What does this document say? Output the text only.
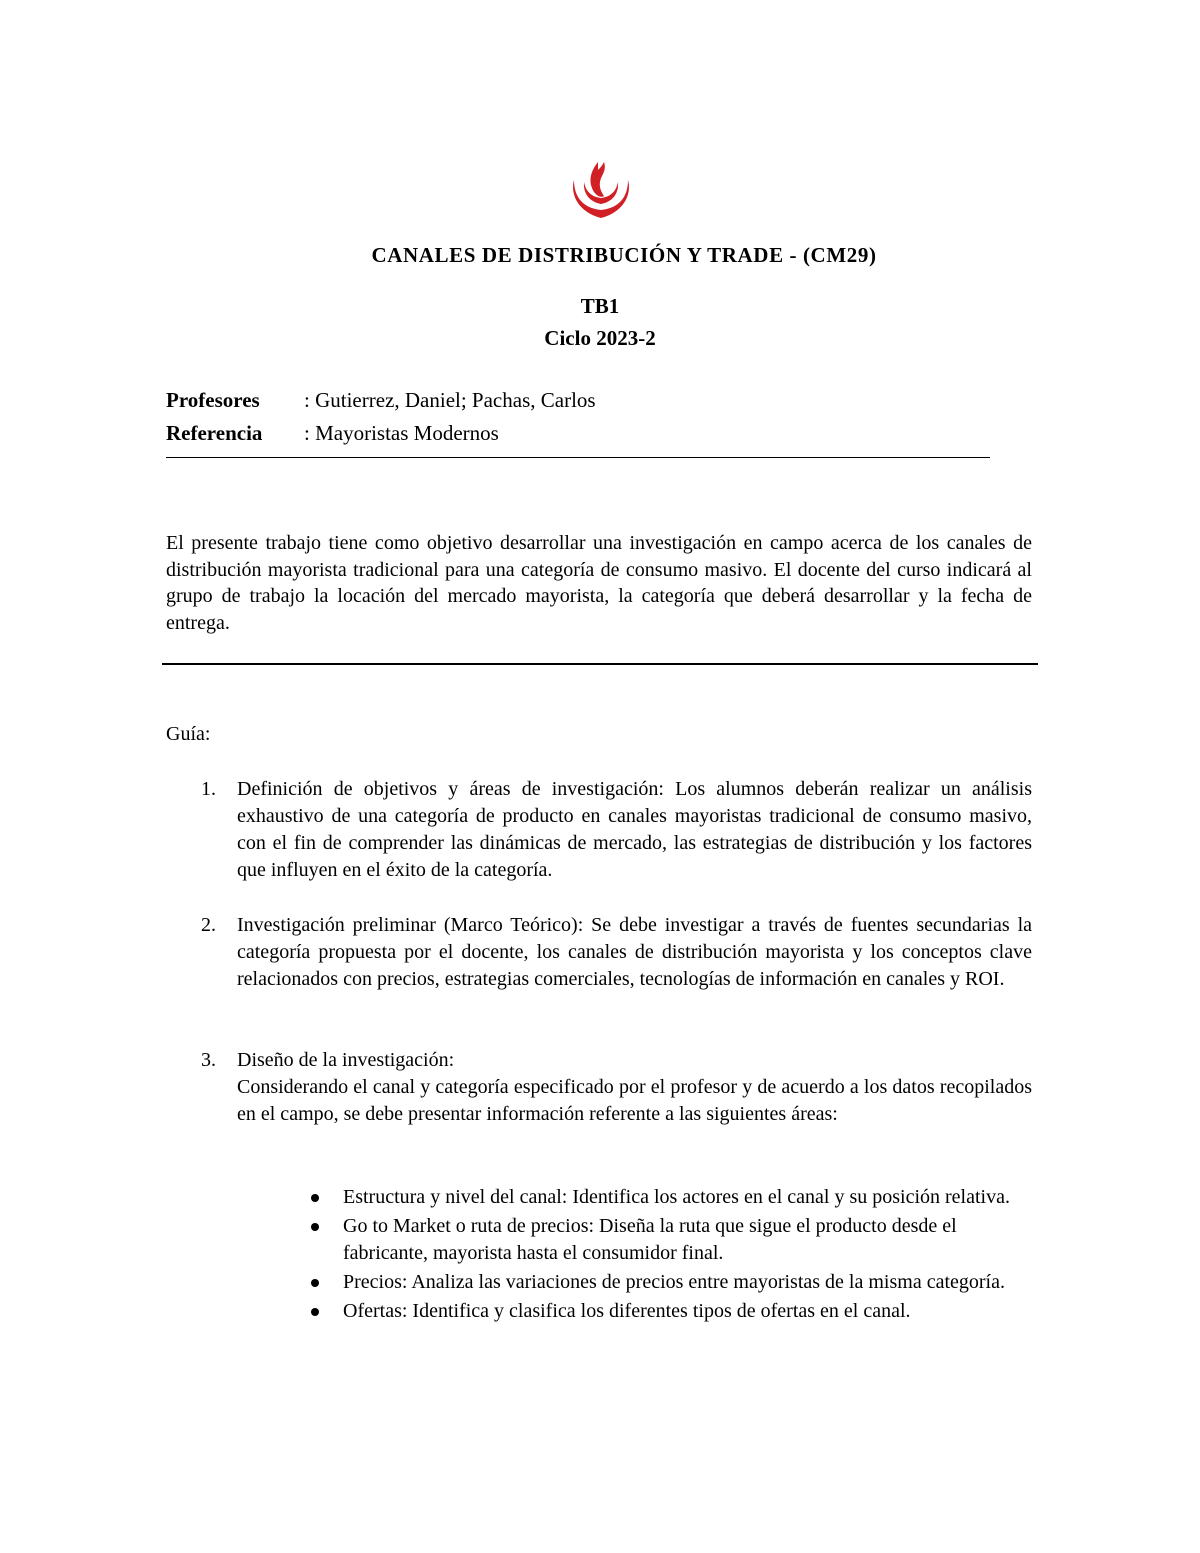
CANALES DE DISTRIBUCIÓN Y TRADE - (CM29)
TB1
Ciclo 2023-2
Profesores : Gutierrez, Daniel; Pachas, Carlos
Referencia : Mayoristas Modernos
El presente trabajo tiene como objetivo desarrollar una investigación en campo acerca de los canales de distribución mayorista tradicional para una categoría de consumo masivo. El docente del curso indicará al grupo de trabajo la locación del mercado mayorista, la categoría que deberá desarrollar y la fecha de entrega.
Guía:
1. Definición de objetivos y áreas de investigación: Los alumnos deberán realizar un análisis exhaustivo de una categoría de producto en canales mayoristas tradicional de consumo masivo, con el fin de comprender las dinámicas de mercado, las estrategias de distribución y los factores que influyen en el éxito de la categoría.
2. Investigación preliminar (Marco Teórico): Se debe investigar a través de fuentes secundarias la categoría propuesta por el docente, los canales de distribución mayorista y los conceptos clave relacionados con precios, estrategias comerciales, tecnologías de información en canales y ROI.
3. Diseño de la investigación:
Considerando el canal y categoría especificado por el profesor y de acuerdo a los datos recopilados en el campo, se debe presentar información referente a las siguientes áreas:
Estructura y nivel del canal: Identifica los actores en el canal y su posición relativa.
Go to Market o ruta de precios: Diseña la ruta que sigue el producto desde el fabricante, mayorista hasta el consumidor final.
Precios: Analiza las variaciones de precios entre mayoristas de la misma categoría.
Ofertas: Identifica y clasifica los diferentes tipos de ofertas en el canal.
